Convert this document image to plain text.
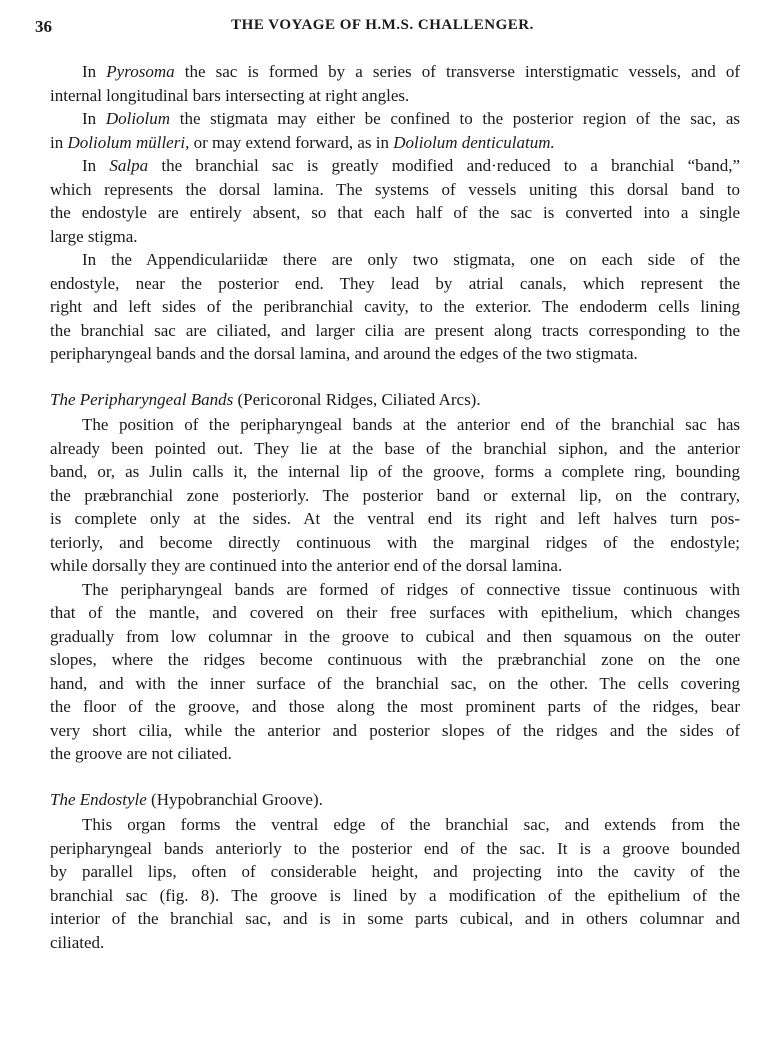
36	THE VOYAGE OF H.M.S. CHALLENGER.
In Pyrosoma the sac is formed by a series of transverse interstigmatic vessels, and of
internal longitudinal bars intersecting at right angles.
In Doliolum the stigmata may either be confined to the posterior region of the sac, as
in Doliolum mülleri, or may extend forward, as in Doliolum denticulatum.
In Salpa the branchial sac is greatly modified and·reduced to a branchial “band,”
which represents the dorsal lamina. The systems of vessels uniting this dorsal band to
the endostyle are entirely absent, so that each half of the sac is converted into a single
large stigma.
In the Appendiculariidæ there are only two stigmata, one on each side of the
endostyle, near the posterior end. They lead by atrial canals, which represent the
right and left sides of the peribranchial cavity, to the exterior. The endoderm cells lining
the branchial sac are ciliated, and larger cilia are present along tracts corresponding to the
peripharyngeal bands and the dorsal lamina, and around the edges of the two stigmata.
The Peripharyngeal Bands (Pericoronal Ridges, Ciliated Arcs).
The position of the peripharyngeal bands at the anterior end of the branchial sac has
already been pointed out. They lie at the base of the branchial siphon, and the anterior
band, or, as Julin calls it, the internal lip of the groove, forms a complete ring, bounding
the præbranchial zone posteriorly. The posterior band or external lip, on the contrary,
is complete only at the sides. At the ventral end its right and left halves turn pos-
teriorly, and become directly continuous with the marginal ridges of the endostyle;
while dorsally they are continued into the anterior end of the dorsal lamina.
The peripharyngeal bands are formed of ridges of connective tissue continuous with
that of the mantle, and covered on their free surfaces with epithelium, which changes
gradually from low columnar in the groove to cubical and then squamous on the outer
slopes, where the ridges become continuous with the præbranchial zone on the one
hand, and with the inner surface of the branchial sac, on the other. The cells covering
the floor of the groove, and those along the most prominent parts of the ridges, bear
very short cilia, while the anterior and posterior slopes of the ridges and the sides of
the groove are not ciliated.
The Endostyle (Hypobranchial Groove).
This organ forms the ventral edge of the branchial sac, and extends from the
peripharyngeal bands anteriorly to the posterior end of the sac. It is a groove bounded
by parallel lips, often of considerable height, and projecting into the cavity of the
branchial sac (fig. 8). The groove is lined by a modification of the epithelium of the
interior of the branchial sac, and is in some parts cubical, and in others columnar and
ciliated.
